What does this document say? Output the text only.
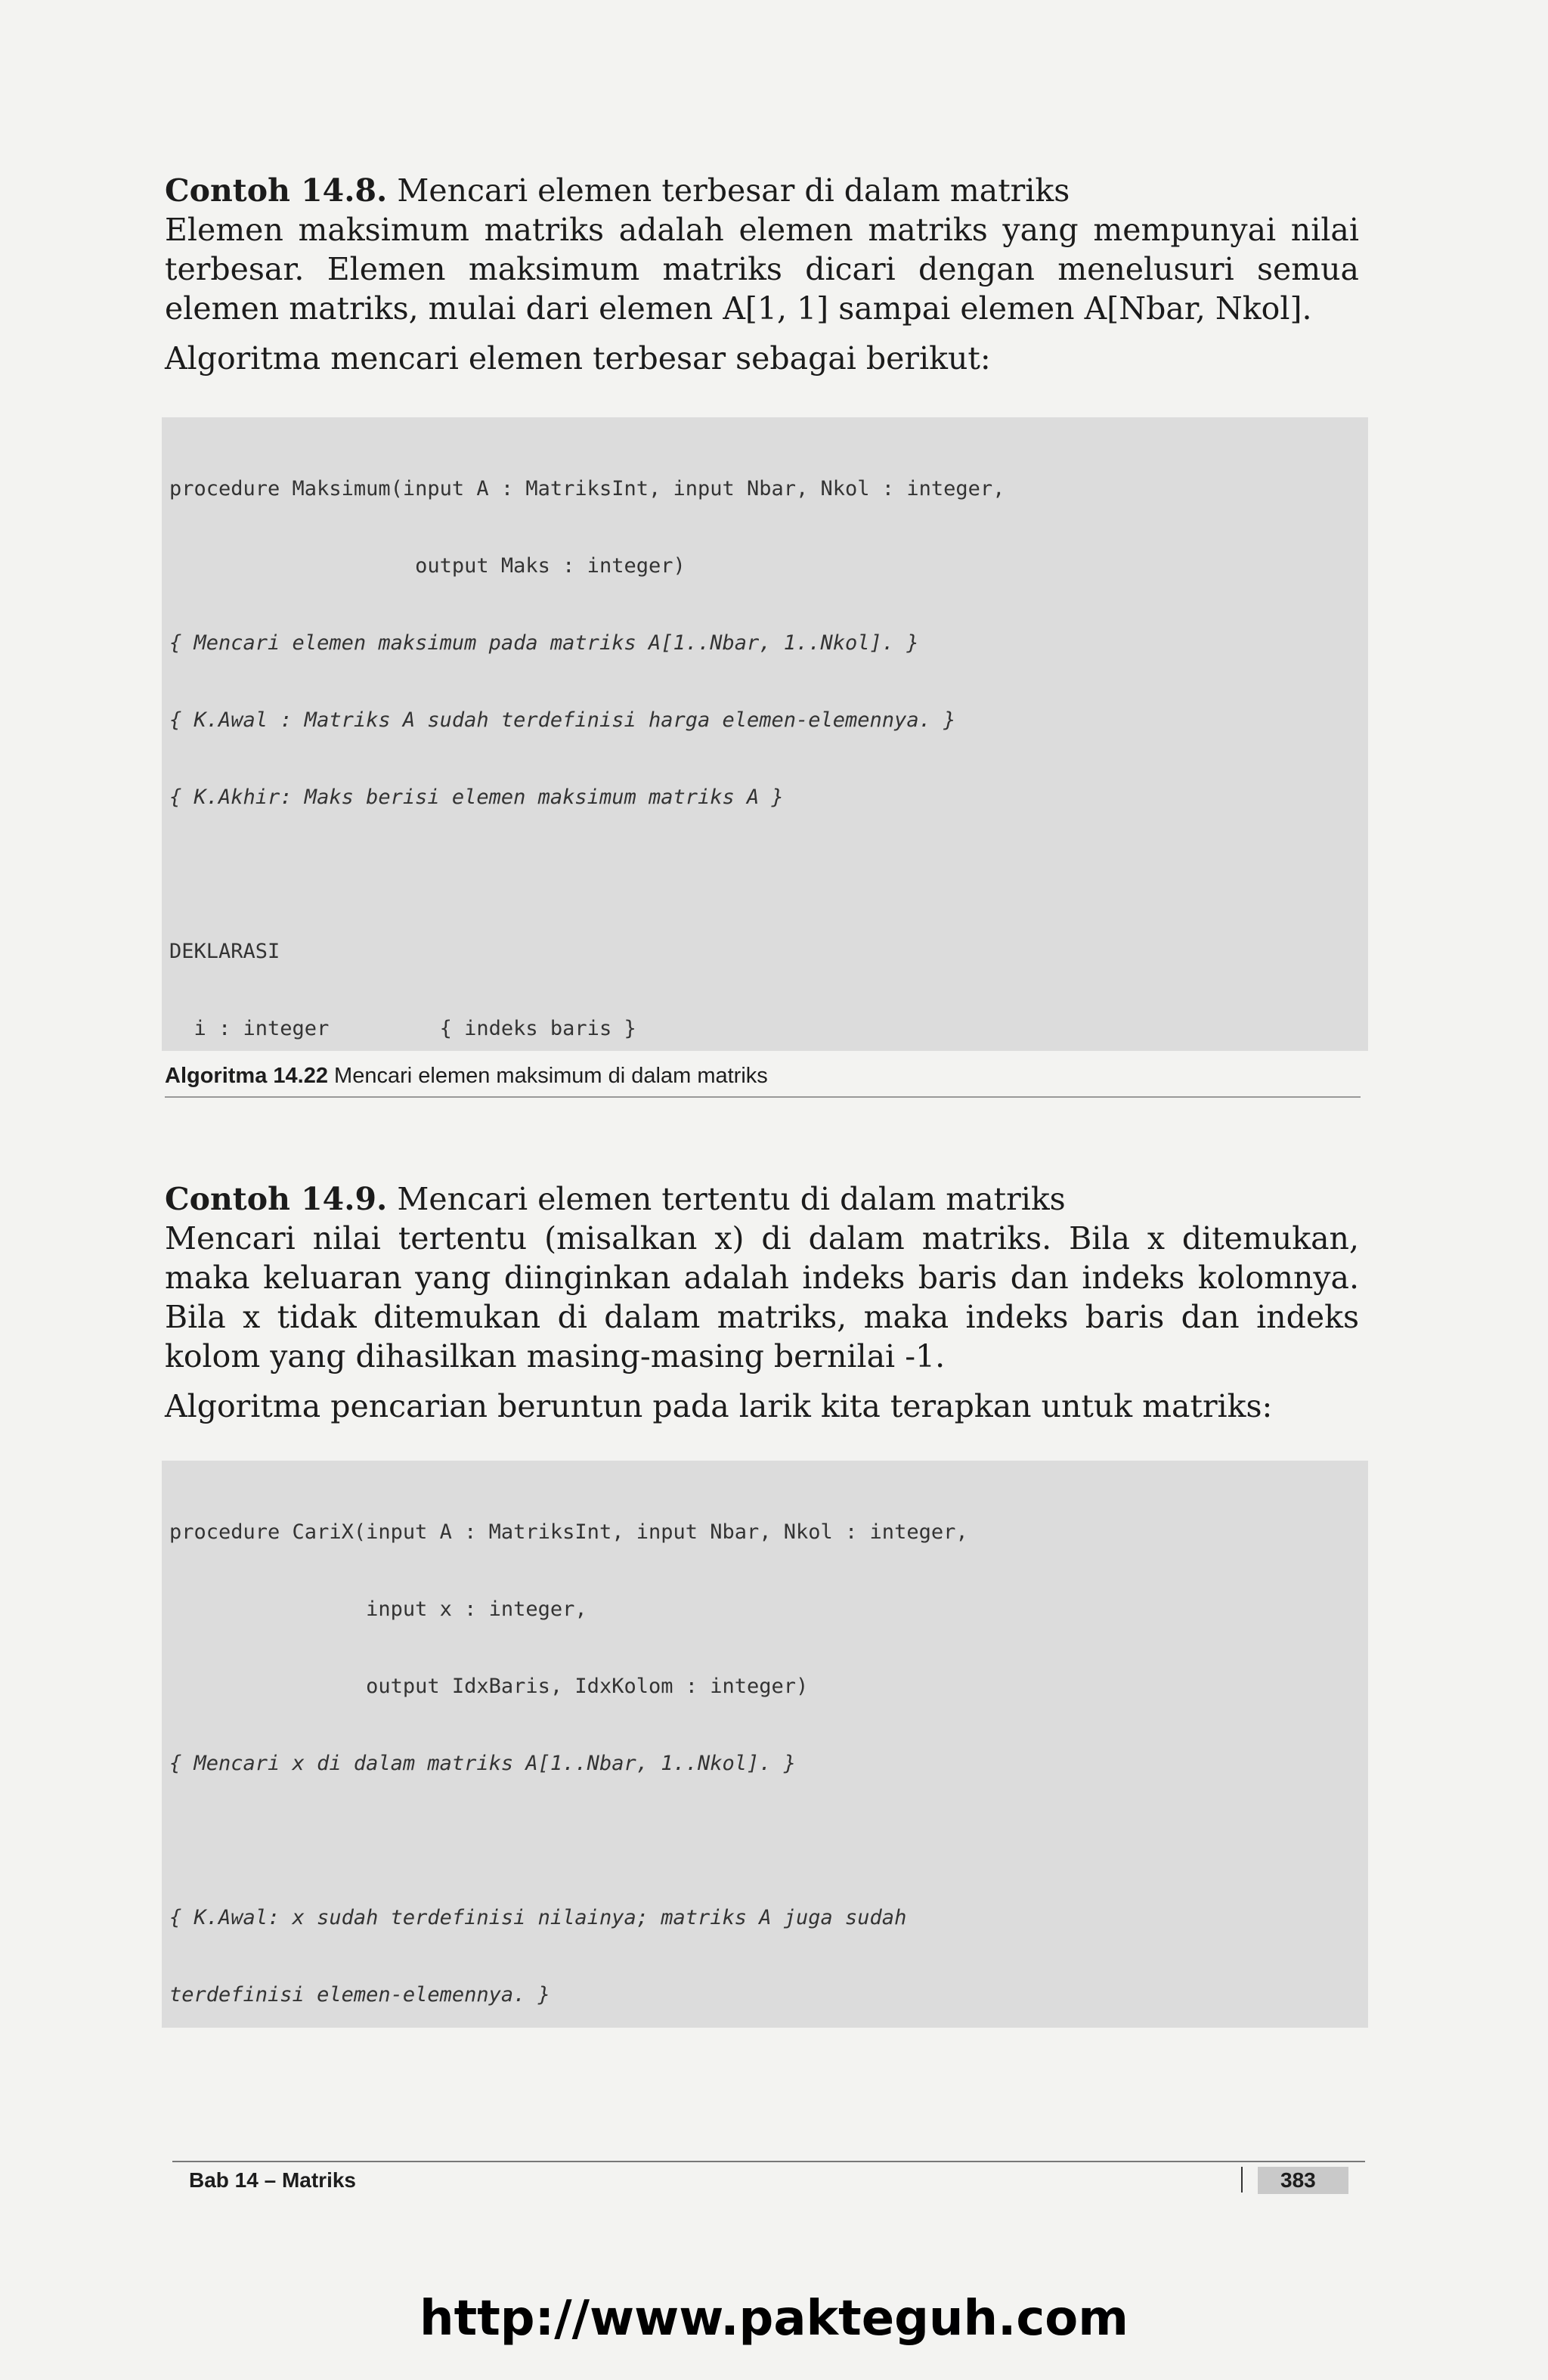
Contoh 14.8. Mencari elemen terbesar di dalam matriks

Elemen maksimum matriks adalah elemen matriks yang mempunyai nilai terbesar. Elemen maksimum matriks dicari dengan menelusuri semua elemen matriks, mulai dari elemen A[1, 1] sampai elemen A[Nbar, Nkol].

Algoritma mencari elemen terbesar sebagai berikut:

procedure Maksimum(input A : MatriksInt, input Nbar, Nkol : integer,

output Maks : integer)

{ Mencari elemen maksimum pada matriks A[1..Nbar, 1..Nkol]. }

{ K.Awal : Matriks A sudah terdefinisi harga elemen-elemennya. }

{ K.Akhir: Maks berisi elemen maksimum matriks A }

DEKLARASI

i : integer         { indeks baris }

Algoritma 14.22 Mencari elemen maksimum di dalam matriks

Contoh 14.9. Mencari elemen tertentu di dalam matriks

Mencari nilai tertentu (misalkan x) di dalam matriks. Bila x ditemukan, maka keluaran yang diinginkan adalah indeks baris dan indeks kolomnya. Bila x tidak ditemukan di dalam matriks, maka indeks baris dan indeks kolom yang dihasilkan masing-masing bernilai -1.

Algoritma pencarian beruntun pada larik kita terapkan untuk matriks:

procedure CariX(input A : MatriksInt, input Nbar, Nkol : integer,

input x : integer,

output IdxBaris, IdxKolom : integer)

{ Mencari x di dalam matriks A[1..Nbar, 1..Nkol]. }

{ K.Awal: x sudah terdefinisi nilainya; matriks A juga sudah

terdefinisi elemen-elemennya. }

Bab 14 – Matriks	383
http://www.pakteguh.com
